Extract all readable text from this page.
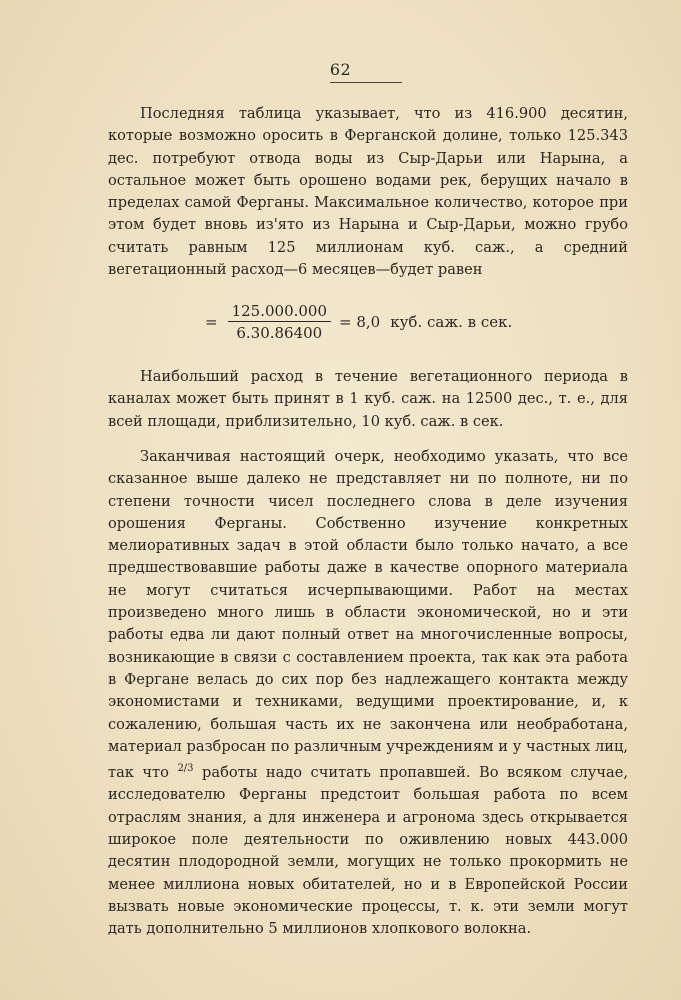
62

Последняя таблица указывает, что из 416.900 десятин, которые возможно оросить в Ферганской долине, только 125.343 дес. потребуют отвода воды из Сыр-Дарьи или Нарына, а остальное может быть орошено водами рек, берущих начало в пределах самой Ферганы. Максимальное количество, которое при этом будет вновь из'ято из Нарына и Сыр-Дарьи, можно грубо считать равным 125 миллионам куб. саж., а средний вегетационный расход—6 месяцев—будет равен

= $\frac{125.000.000}{6.30.86400} = 8,0$ куб. саж. в сек.

Наибольший расход в течение вегетационного периода в каналах может быть принят в 1 куб. саж. на 12500 дес., т. е., для всей площади, приблизительно, 10 куб. саж. в сек.

Заканчивая настоящий очерк, необходимо указать, что все сказанное выше далеко не представляет ни по полноте, ни по степени точности чисел последнего слова в деле изучения орошения Ферганы. Собственно изучение конкретных мелиоративных задач в этой области было только начато, а все предшествовавшие работы даже в качестве опорного материала не могут считаться исчерпывающими. Работ на местах произведено много лишь в области экономической, но и эти работы едва ли дают полный ответ на многочисленные вопросы, возникающие в связи с составлением проекта, так как эта работа в Фергане велась до сих пор без надлежащего контакта между экономистами и техниками, ведущими проектирование, и, к сожалению, большая часть их не закончена или необработана, материал разбросан по различным учреждениям и у частных лиц, так что $^{2/3}$ работы надо считать пропавшей. Во всяком случае, исследователю Ферганы предстоит большая работа по всем отраслям знания, а для инженера и агронома здесь открывается широкое поле деятельности по оживлению новых 443.000 десятин плодородной земли, могущих не только прокормить не менее миллиона новых обитателей, но и в Европейской России вызвать новые экономические процессы, т. к. эти земли могут дать дополнительно 5 миллионов хлопкового волокна.
